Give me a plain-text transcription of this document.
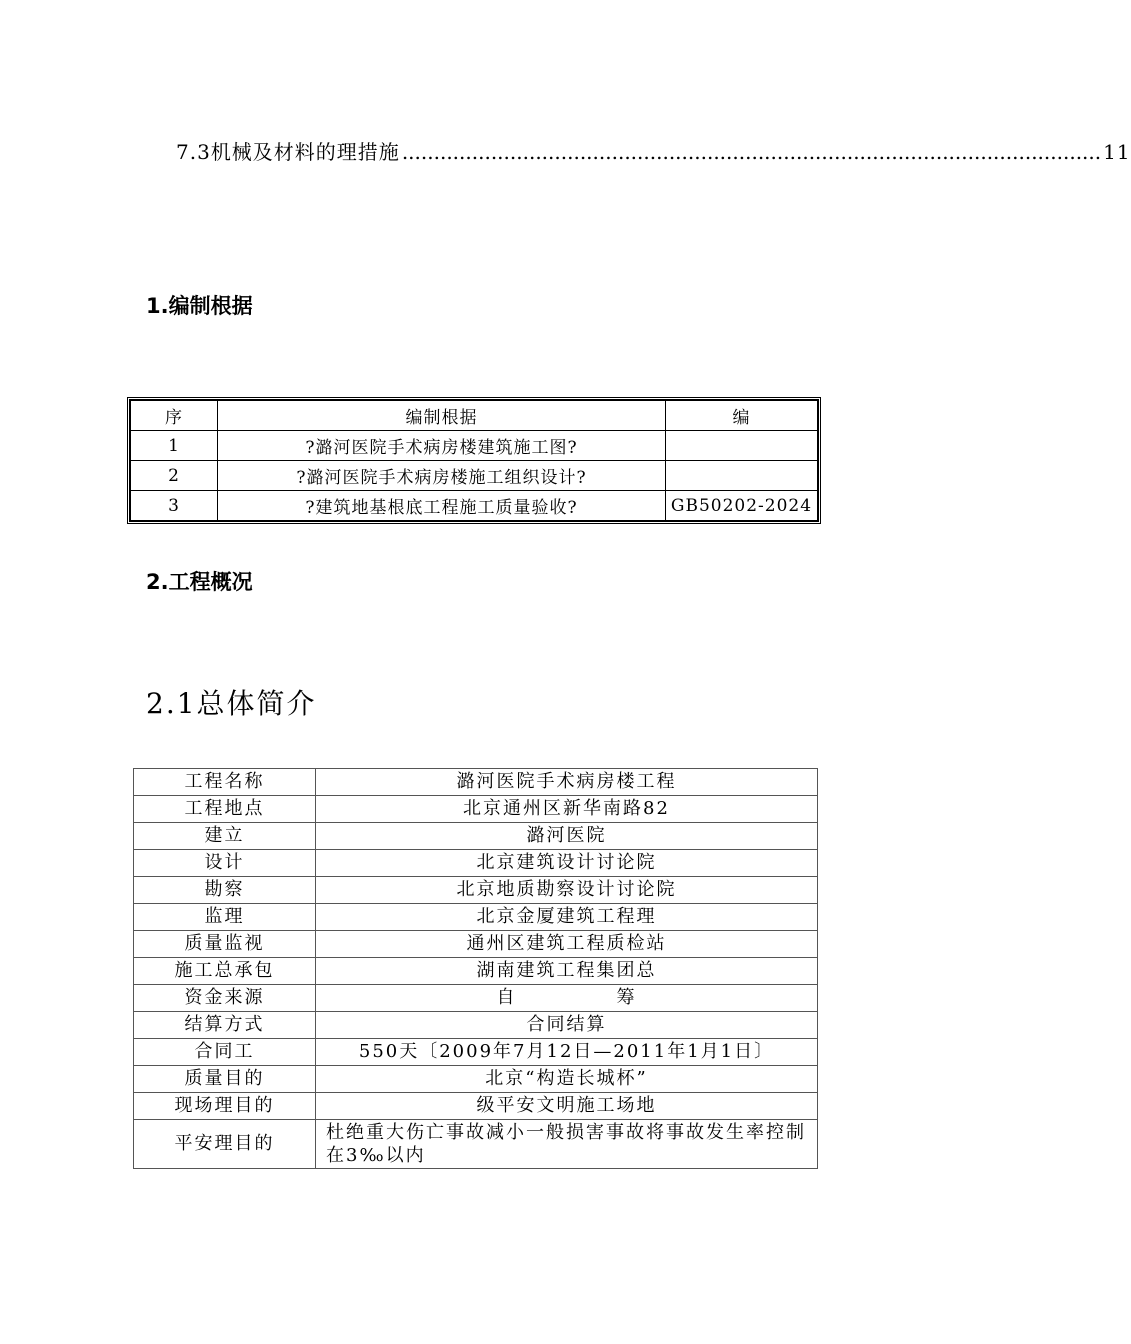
7.3机械及材料的理措施 .............................................................................................................. 11
1.编制根据
序	编制根据	编
1	?潞河医院手术病房楼建筑施工图?	
2	?潞河医院手术病房楼施工组织设计?	
3	?建筑地基根底工程施工质量验收?	GB50202-2024
2.工程概况
2.1总体简介
工程名称	潞河医院手术病房楼工程
工程地点	北京通州区新华南路82
建立	潞河医院
设计	北京建筑设计讨论院
勘察	北京地质勘察设计讨论院
监理	北京金厦建筑工程理
质量监视	通州区建筑工程质检站
施工总承包	湖南建筑工程集团总
资金来源	自　　　　　筹
结算方式	合同结算
合同工	550天〔2009年7月12日—2011年1月1日〕
质量目的	北京“构造长城杯”
现场理目的	级平安文明施工场地
平安理目的	杜绝重大伤亡事故减小一般损害事故将事故发生率控制在3‰以内
